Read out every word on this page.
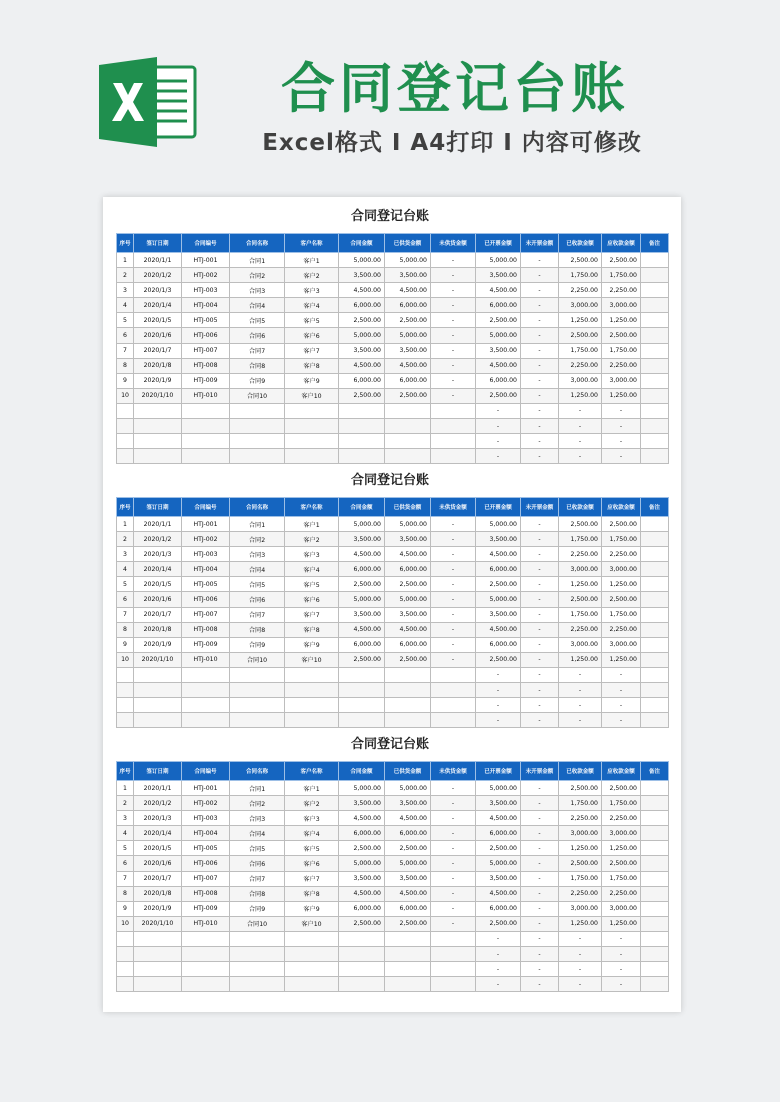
合同登记台账
Excel格式 I A4打印 I 内容可修改
合同登记台账
序号	签订日期	合同编号	合同名称	客户名称	合同金额	已供货金额	未供货金额	已开票金额	未开票金额	已收款金额	应收款金额	备注
1	2020/1/1	HTJ-001	合同1	客户1	5,000.00	5,000.00	-	5,000.00	-	2,500.00	2,500.00	
2	2020/1/2	HTJ-002	合同2	客户2	3,500.00	3,500.00	-	3,500.00	-	1,750.00	1,750.00	
3	2020/1/3	HTJ-003	合同3	客户3	4,500.00	4,500.00	-	4,500.00	-	2,250.00	2,250.00	
4	2020/1/4	HTJ-004	合同4	客户4	6,000.00	6,000.00	-	6,000.00	-	3,000.00	3,000.00	
5	2020/1/5	HTJ-005	合同5	客户5	2,500.00	2,500.00	-	2,500.00	-	1,250.00	1,250.00	
6	2020/1/6	HTJ-006	合同6	客户6	5,000.00	5,000.00	-	5,000.00	-	2,500.00	2,500.00	
7	2020/1/7	HTJ-007	合同7	客户7	3,500.00	3,500.00	-	3,500.00	-	1,750.00	1,750.00	
8	2020/1/8	HTJ-008	合同8	客户8	4,500.00	4,500.00	-	4,500.00	-	2,250.00	2,250.00	
9	2020/1/9	HTJ-009	合同9	客户9	6,000.00	6,000.00	-	6,000.00	-	3,000.00	3,000.00	
10	2020/1/10	HTJ-010	合同10	客户10	2,500.00	2,500.00	-	2,500.00	-	1,250.00	1,250.00	
								-	-	-	-	
								-	-	-	-	
								-	-	-	-	
								-	-	-	-	
合同登记台账
序号	签订日期	合同编号	合同名称	客户名称	合同金额	已供货金额	未供货金额	已开票金额	未开票金额	已收款金额	应收款金额	备注
1	2020/1/1	HTJ-001	合同1	客户1	5,000.00	5,000.00	-	5,000.00	-	2,500.00	2,500.00	
2	2020/1/2	HTJ-002	合同2	客户2	3,500.00	3,500.00	-	3,500.00	-	1,750.00	1,750.00	
3	2020/1/3	HTJ-003	合同3	客户3	4,500.00	4,500.00	-	4,500.00	-	2,250.00	2,250.00	
4	2020/1/4	HTJ-004	合同4	客户4	6,000.00	6,000.00	-	6,000.00	-	3,000.00	3,000.00	
5	2020/1/5	HTJ-005	合同5	客户5	2,500.00	2,500.00	-	2,500.00	-	1,250.00	1,250.00	
6	2020/1/6	HTJ-006	合同6	客户6	5,000.00	5,000.00	-	5,000.00	-	2,500.00	2,500.00	
7	2020/1/7	HTJ-007	合同7	客户7	3,500.00	3,500.00	-	3,500.00	-	1,750.00	1,750.00	
8	2020/1/8	HTJ-008	合同8	客户8	4,500.00	4,500.00	-	4,500.00	-	2,250.00	2,250.00	
9	2020/1/9	HTJ-009	合同9	客户9	6,000.00	6,000.00	-	6,000.00	-	3,000.00	3,000.00	
10	2020/1/10	HTJ-010	合同10	客户10	2,500.00	2,500.00	-	2,500.00	-	1,250.00	1,250.00	
								-	-	-	-	
								-	-	-	-	
								-	-	-	-	
								-	-	-	-	
合同登记台账
序号	签订日期	合同编号	合同名称	客户名称	合同金额	已供货金额	未供货金额	已开票金额	未开票金额	已收款金额	应收款金额	备注
1	2020/1/1	HTJ-001	合同1	客户1	5,000.00	5,000.00	-	5,000.00	-	2,500.00	2,500.00	
2	2020/1/2	HTJ-002	合同2	客户2	3,500.00	3,500.00	-	3,500.00	-	1,750.00	1,750.00	
3	2020/1/3	HTJ-003	合同3	客户3	4,500.00	4,500.00	-	4,500.00	-	2,250.00	2,250.00	
4	2020/1/4	HTJ-004	合同4	客户4	6,000.00	6,000.00	-	6,000.00	-	3,000.00	3,000.00	
5	2020/1/5	HTJ-005	合同5	客户5	2,500.00	2,500.00	-	2,500.00	-	1,250.00	1,250.00	
6	2020/1/6	HTJ-006	合同6	客户6	5,000.00	5,000.00	-	5,000.00	-	2,500.00	2,500.00	
7	2020/1/7	HTJ-007	合同7	客户7	3,500.00	3,500.00	-	3,500.00	-	1,750.00	1,750.00	
8	2020/1/8	HTJ-008	合同8	客户8	4,500.00	4,500.00	-	4,500.00	-	2,250.00	2,250.00	
9	2020/1/9	HTJ-009	合同9	客户9	6,000.00	6,000.00	-	6,000.00	-	3,000.00	3,000.00	
10	2020/1/10	HTJ-010	合同10	客户10	2,500.00	2,500.00	-	2,500.00	-	1,250.00	1,250.00	
								-	-	-	-	
								-	-	-	-	
								-	-	-	-	
								-	-	-	-	
